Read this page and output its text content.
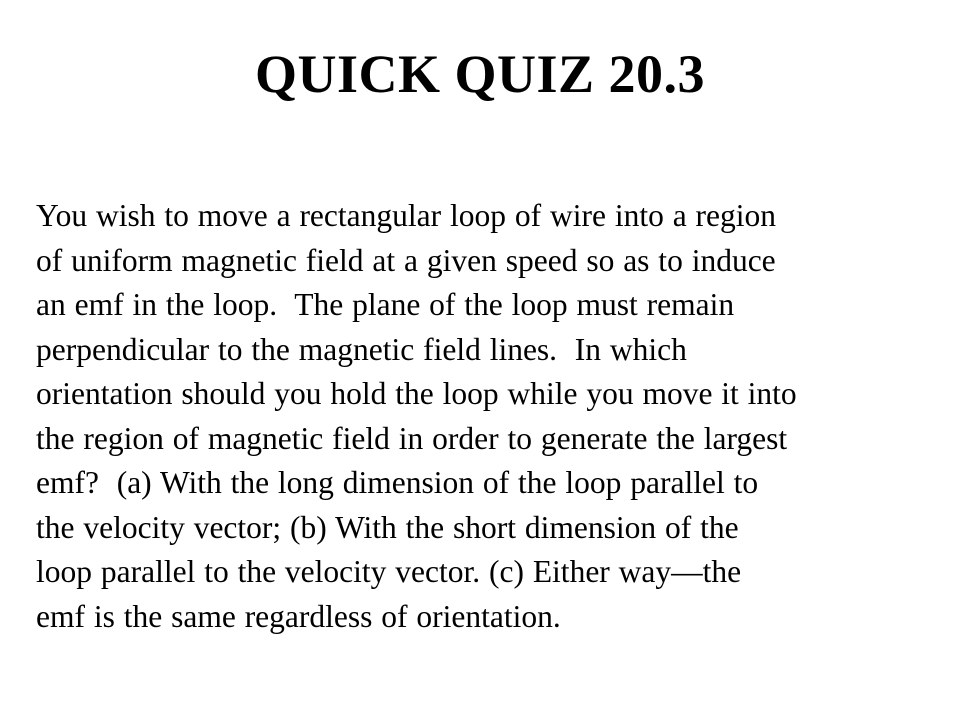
QUICK QUIZ 20.3
You wish to move a rectangular loop of wire into a region
of uniform magnetic field at a given speed so as to induce
an emf in the loop.  The plane of the loop must remain
perpendicular to the magnetic field lines.  In which
orientation should you hold the loop while you move it into
the region of magnetic field in order to generate the largest
emf?  (a) With the long dimension of the loop parallel to
the velocity vector; (b) With the short dimension of the
loop parallel to the velocity vector. (c) Either way—the
emf is the same regardless of orientation.
